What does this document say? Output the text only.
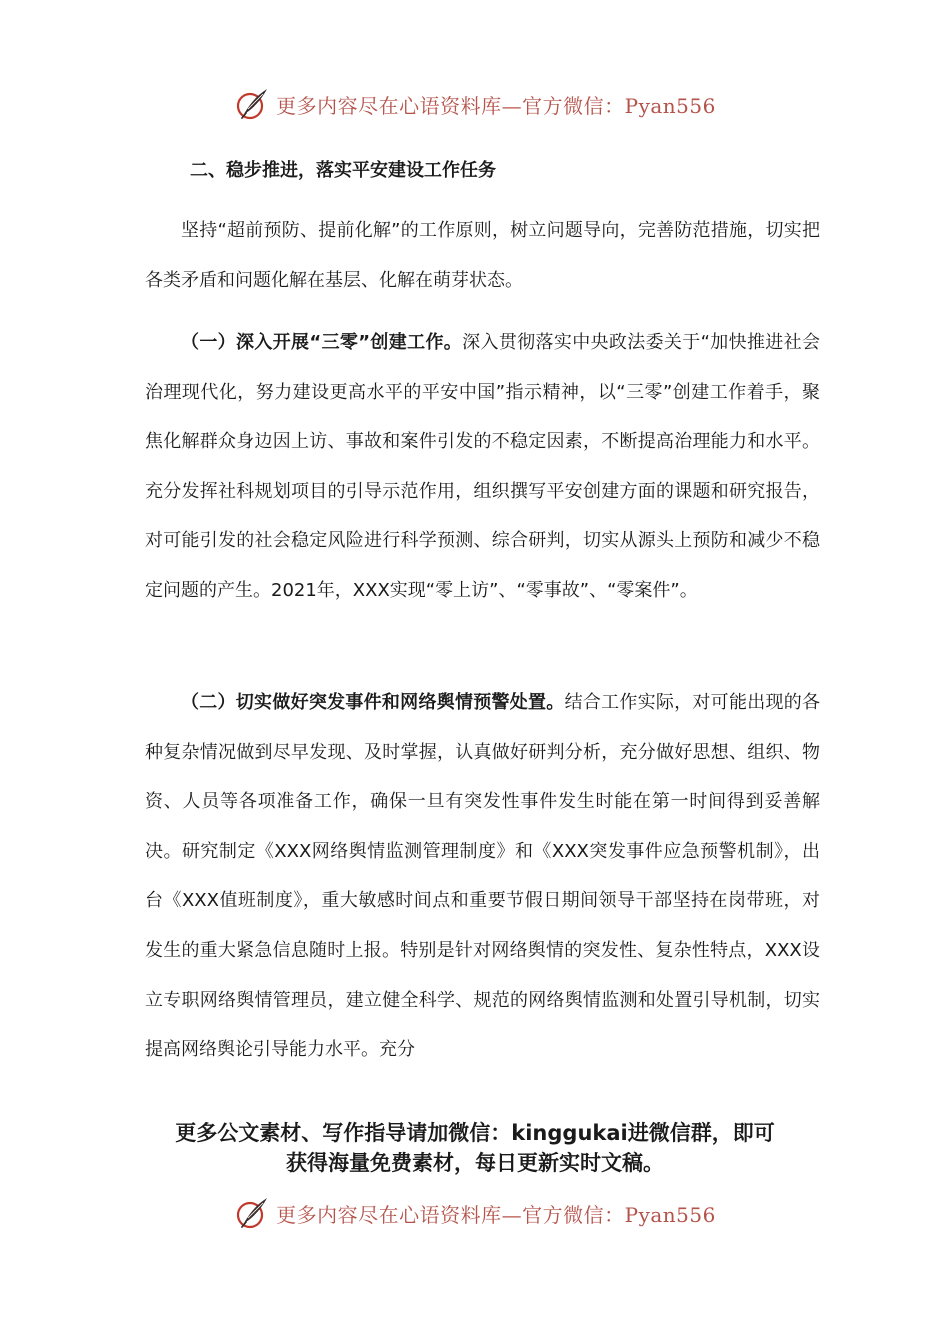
更多内容尽在心语资料库—官方微信：Pyan556
二、稳步推进，落实平安建设工作任务

坚持“超前预防、提前化解”的工作原则，树立问题导向，完善防范措施，切实把各类矛盾和问题化解在基层、化解在萌芽状态。

（一）深入开展“三零”创建工作。深入贯彻落实中央政法委关于“加快推进社会治理现代化，努力建设更高水平的平安中国”指示精神，以“三零”创建工作着手，聚焦化解群众身边因上访、事故和案件引发的不稳定因素，不断提高治理能力和水平。充分发挥社科规划项目的引导示范作用，组织撰写平安创建方面的课题和研究报告，对可能引发的社会稳定风险进行科学预测、综合研判，切实从源头上预防和减少不稳定问题的产生。2021年，XXX实现“零上访”、“零事故”、“零案件”。

（二）切实做好突发事件和网络舆情预警处置。结合工作实际，对可能出现的各种复杂情况做到尽早发现、及时掌握，认真做好研判分析，充分做好思想、组织、物资、人员等各项准备工作，确保一旦有突发性事件发生时能在第一时间得到妥善解决。研究制定《XXX网络舆情监测管理制度》和《XXX突发事件应急预警机制》，出台《XXX值班制度》，重大敏感时间点和重要节假日期间领导干部坚持在岗带班，对发生的重大紧急信息随时上报。特别是针对网络舆情的突发性、复杂性特点，XXX设立专职网络舆情管理员，建立健全科学、规范的网络舆情监测和处置引导机制，切实提高网络舆论引导能力水平。充分

更多公文素材、写作指导请加微信：kinggukai进微信群，即可
获得海量免费素材，每日更新实时文稿。
更多内容尽在心语资料库—官方微信：Pyan556
